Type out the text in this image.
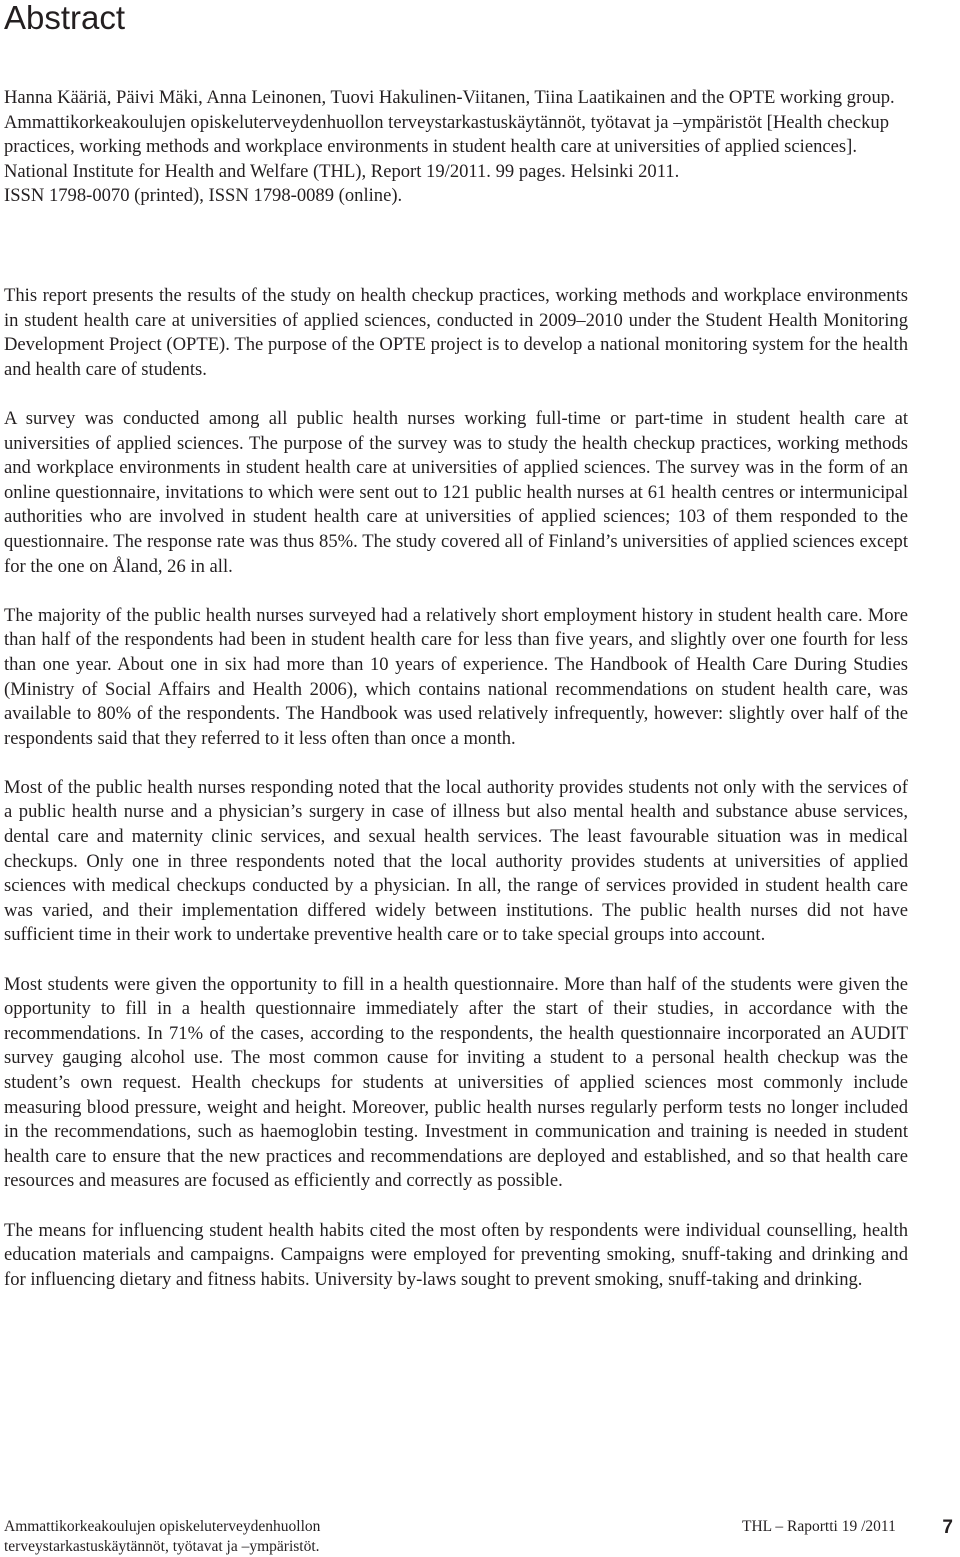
Abstract

Hanna Kääriä, Päivi Mäki, Anna Leinonen, Tuovi Hakulinen-Viitanen, Tiina Laatikainen and the OPTE working group. Ammattikorkeakoulujen opiskeluterveydenhuollon terveystarkastuskäytännöt, työtavat ja –ympäristöt [Health checkup practices, working methods and workplace environments in student health care at universities of applied sciences]. National Institute for Health and Welfare (THL), Report 19/2011. 99 pages. Helsinki 2011.

ISSN 1798-0070 (printed), ISSN 1798-0089 (online).

This report presents the results of the study on health checkup practices, working methods and workplace environments in student health care at universities of applied sciences, conducted in 2009–2010 under the Student Health Monitoring Development Project (OPTE). The purpose of the OPTE project is to develop a national monitoring system for the health and health care of students.

A survey was conducted among all public health nurses working full-time or part-time in student health care at universities of applied sciences. The purpose of the survey was to study the health checkup practices, working methods and workplace environments in student health care at universities of applied sciences. The survey was in the form of an online questionnaire, invitations to which were sent out to 121 public health nurses at 61 health centres or intermunicipal authorities who are involved in student health care at universities of applied sciences; 103 of them responded to the questionnaire. The response rate was thus 85%. The study covered all of Finland’s universities of applied sciences except for the one on Åland, 26 in all.

The majority of the public health nurses surveyed had a relatively short employment history in student health care. More than half of the respondents had been in student health care for less than five years, and slightly over one fourth for less than one year. About one in six had more than 10 years of experience. The Handbook of Health Care During Studies (Ministry of Social Affairs and Health 2006), which contains national recommendations on student health care, was available to 80% of the respondents. The Handbook was used relatively infrequently, however: slightly over half of the respondents said that they referred to it less often than once a month.

Most of the public health nurses responding noted that the local authority provides students not only with the services of a public health nurse and a physician’s surgery in case of illness but also mental health and substance abuse services, dental care and maternity clinic services, and sexual health services. The least favourable situation was in medical checkups. Only one in three respondents noted that the local authority provides students at universities of applied sciences with medical checkups conducted by a physician. In all, the range of services provided in student health care was varied, and their implementation differed widely between institutions. The public health nurses did not have sufficient time in their work to undertake preventive health care or to take special groups into account.

Most students were given the opportunity to fill in a health questionnaire. More than half of the students were given the opportunity to fill in a health questionnaire immediately after the start of their studies, in accordance with the recommendations. In 71% of the cases, according to the respondents, the health questionnaire incorporated an AUDIT survey gauging alcohol use. The most common cause for inviting a student to a personal health checkup was the student’s own request. Health checkups for students at universities of applied sciences most commonly include measuring blood pressure, weight and height. Moreover, public health nurses regularly perform tests no longer included in the recommendations, such as haemoglobin testing. Investment in communication and training is needed in student health care to ensure that the new practices and recommendations are deployed and established, and so that health care resources and measures are focused as efficiently and correctly as possible.

The means for influencing student health habits cited the most often by respondents were individual counselling, health education materials and campaigns. Campaigns were employed for preventing smoking, snuff-taking and drinking and for influencing dietary and fitness habits. University by-laws sought to prevent smoking, snuff-taking and drinking.

Ammattikorkeakoulujen opiskeluterveydenhuollon
terveystarkastuskäytännöt, työtavat ja –ympäristöt.
THL – Raportti 19 /2011 7
